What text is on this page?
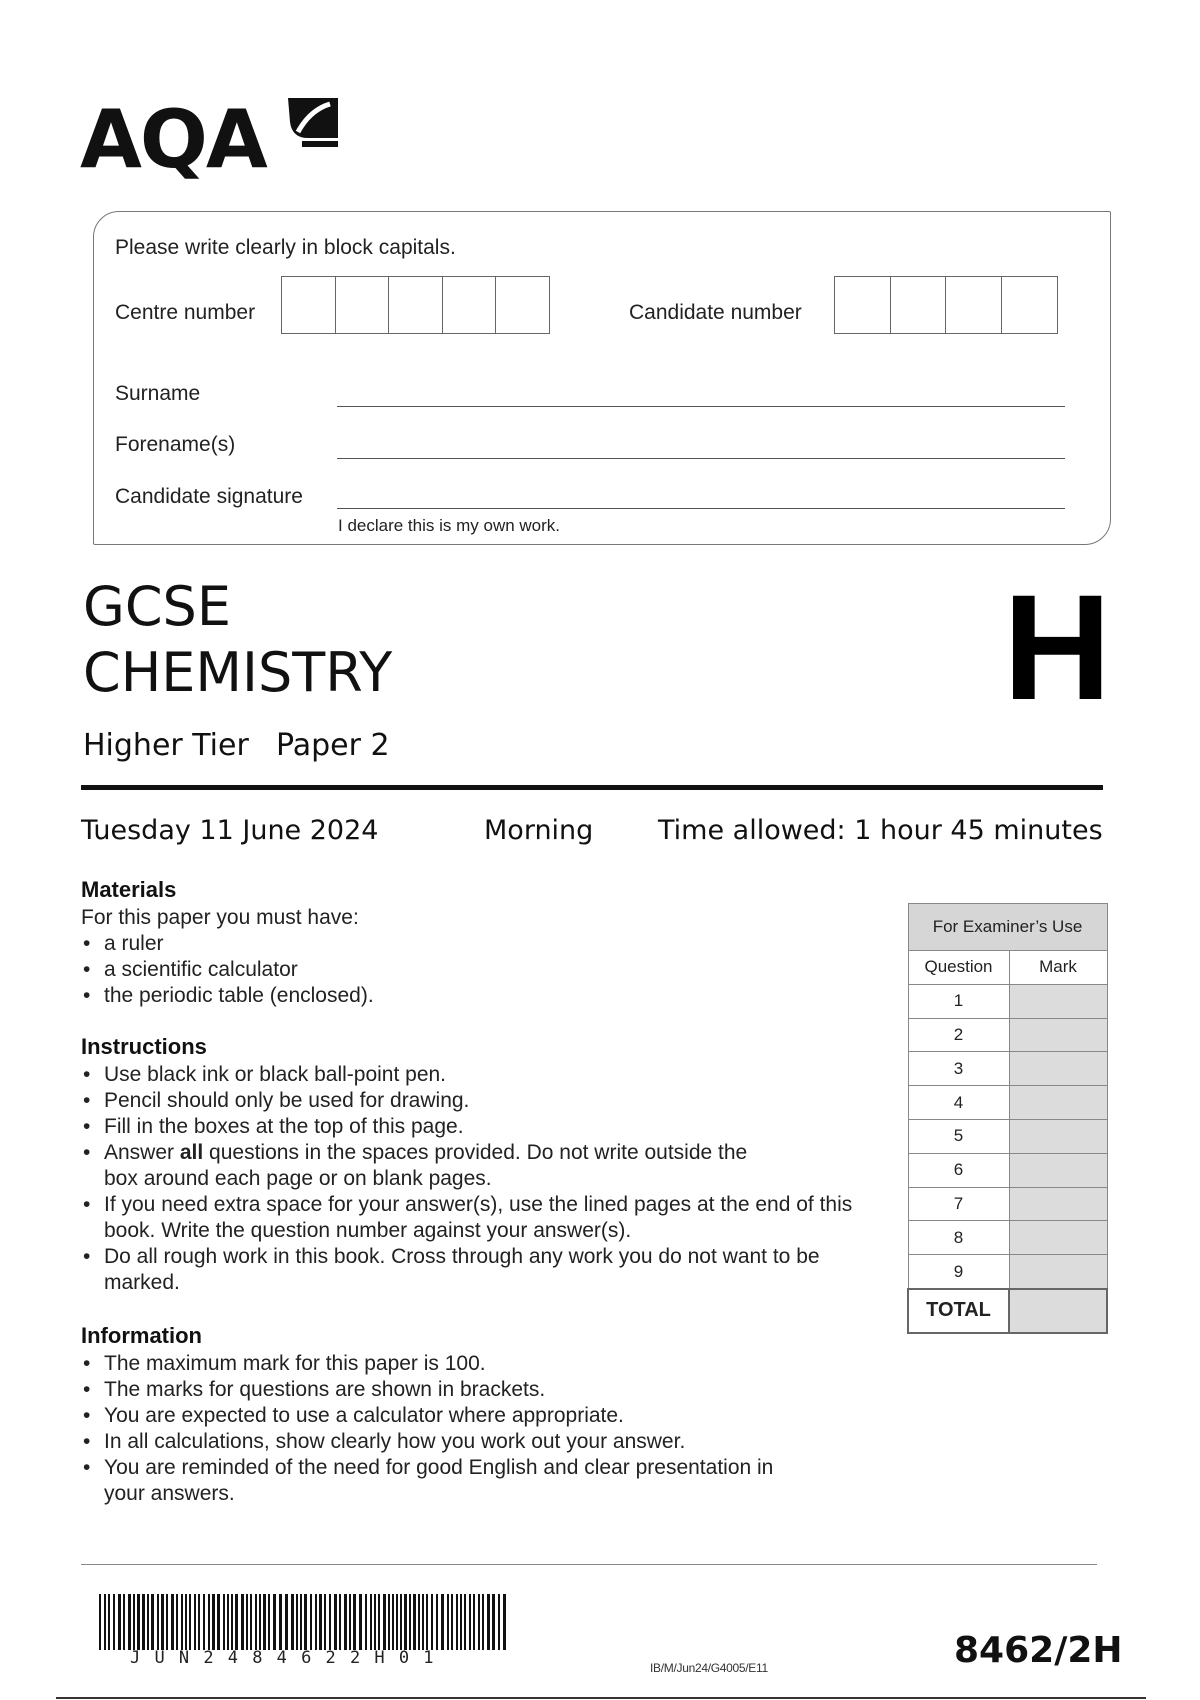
AQA
Please write clearly in block capitals.
Centre number	Candidate number
Surname
Forename(s)
Candidate signature
I declare this is my own work.
GCSE
CHEMISTRY	H
Higher Tier Paper 2
Tuesday 11 June 2024	Morning Time allowed: 1 hour 45 minutes
Materials
For this paper you must have:
• a ruler
• a scientific calculator
• the periodic table (enclosed).
Instructions
• Use black ink or black ball-point pen.
• Pencil should only be used for drawing.
• Fill in the boxes at the top of this page.
• Answer all questions in the spaces provided. Do not write outside the box around each page or on blank pages.
• If you need extra space for your answer(s), use the lined pages at the end of this book. Write the question number against your answer(s).
• Do all rough work in this book. Cross through any work you do not want to be marked.
Information
• The maximum mark for this paper is 100.
• The marks for questions are shown in brackets.
• You are expected to use a calculator where appropriate.
• In all calculations, show clearly how you work out your answer.
• You are reminded of the need for good English and clear presentation in your answers.
For Examiner’s Use	
Question	Mark
1	
2	
3	
4	
5	
6	
7	
8	
9	
TOTAL	
JUN2484622H01	IB/M/Jun24/G4005/E11	8462/2H
